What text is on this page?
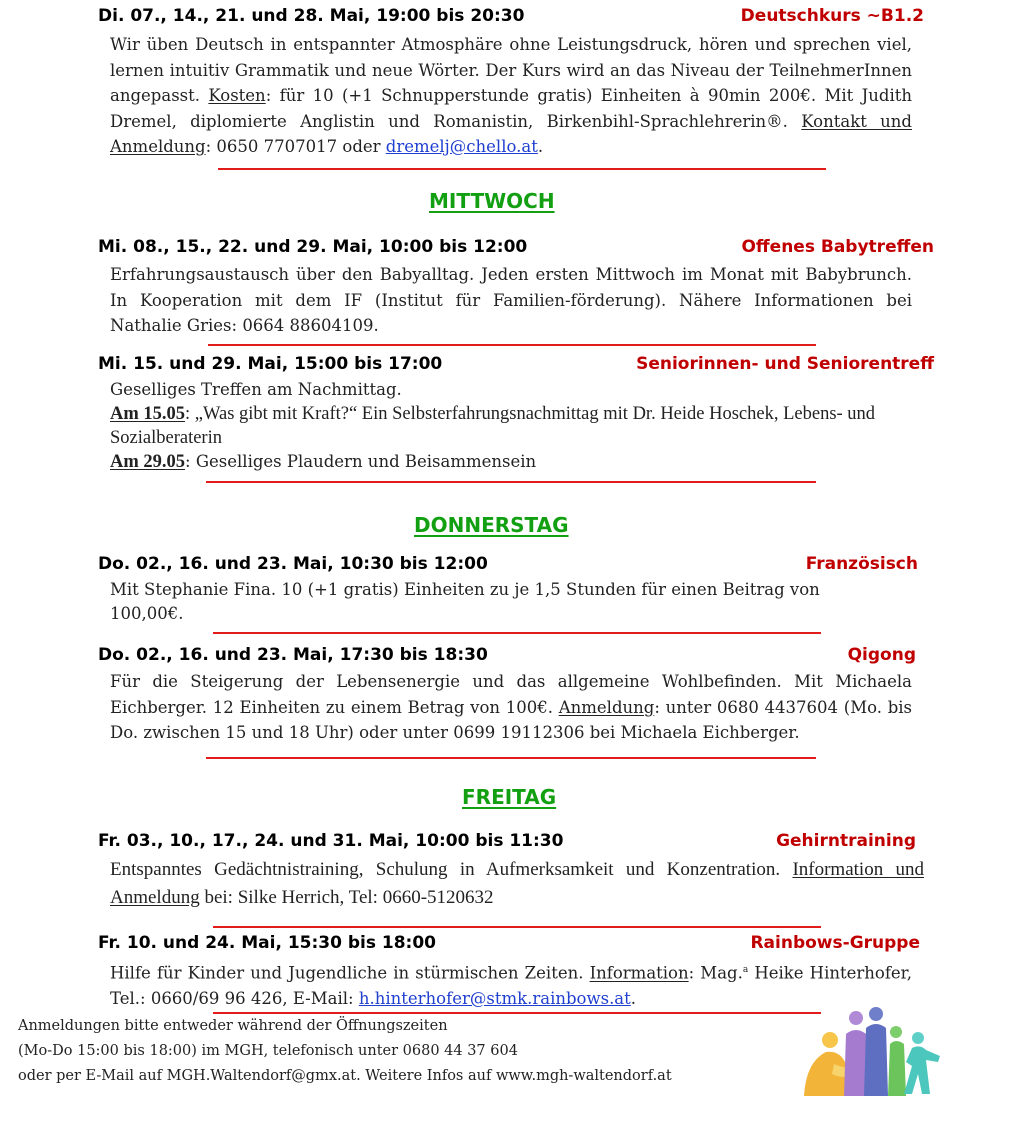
Di. 07., 14., 21. und 28. Mai, 19:00 bis 20:30	Deutschkurs ~B1.2
Wir üben Deutsch in entspannter Atmosphäre ohne Leistungsdruck, hören und sprechen viel, lernen intuitiv Grammatik und neue Wörter. Der Kurs wird an das Niveau der TeilnehmerInnen angepasst. Kosten: für 10 (+1 Schnupperstunde gratis) Einheiten à 90min 200€. Mit Judith Dremel, diplomierte Anglistin und Romanistin, Birkenbihl-Sprachlehrerin®. Kontakt und Anmeldung: 0650 7707017 oder dremelj@chello.at.
MITTWOCH
Mi. 08., 15., 22. und 29. Mai, 10:00 bis 12:00	Offenes Babytreffen
Erfahrungsaustausch über den Babyalltag. Jeden ersten Mittwoch im Monat mit Babybrunch. In Kooperation mit dem IF (Institut für Familien-förderung). Nähere Informationen bei Nathalie Gries: 0664 88604109.
Mi. 15. und 29. Mai, 15:00 bis 17:00	Seniorinnen- und Seniorentreff
Geselliges Treffen am Nachmittag.
Am 15.05: „Was gibt mit Kraft?“ Ein Selbsterfahrungsnachmittag mit Dr. Heide Hoschek, Lebens- und Sozialberaterin
Am 29.05: Geselliges Plaudern und Beisammensein
DONNERSTAG
Do. 02., 16. und 23. Mai, 10:30 bis 12:00	Französisch
Mit Stephanie Fina. 10 (+1 gratis) Einheiten zu je 1,5 Stunden für einen Beitrag von 100,00€.
Do. 02., 16. und 23. Mai, 17:30 bis 18:30	Qigong
Für die Steigerung der Lebensenergie und das allgemeine Wohlbefinden. Mit Michaela Eichberger. 12 Einheiten zu einem Betrag von 100€. Anmeldung: unter 0680 4437604 (Mo. bis Do. zwischen 15 und 18 Uhr) oder unter 0699 19112306 bei Michaela Eichberger.
FREITAG
Fr. 03., 10., 17., 24. und 31. Mai, 10:00 bis 11:30	Gehirntraining
Entspanntes Gedächtnistraining, Schulung in Aufmerksamkeit und Konzentration. Information und Anmeldung bei: Silke Herrich, Tel: 0660-5120632
Fr. 10. und 24. Mai, 15:30 bis 18:00	Rainbows-Gruppe
Hilfe für Kinder und Jugendliche in stürmischen Zeiten. Information: Mag.$^a$ Heike Hinterhofer, Tel.: 0660/69 96 426, E-Mail: h.hinterhofer@stmk.rainbows.at.
Anmeldungen bitte entweder während der Öffnungszeiten
(Mo-Do 15:00 bis 18:00) im MGH, telefonisch unter 0680 44 37 604
oder per E-Mail auf MGH.Waltendorf@gmx.at. Weitere Infos auf www.mgh-waltendorf.at
